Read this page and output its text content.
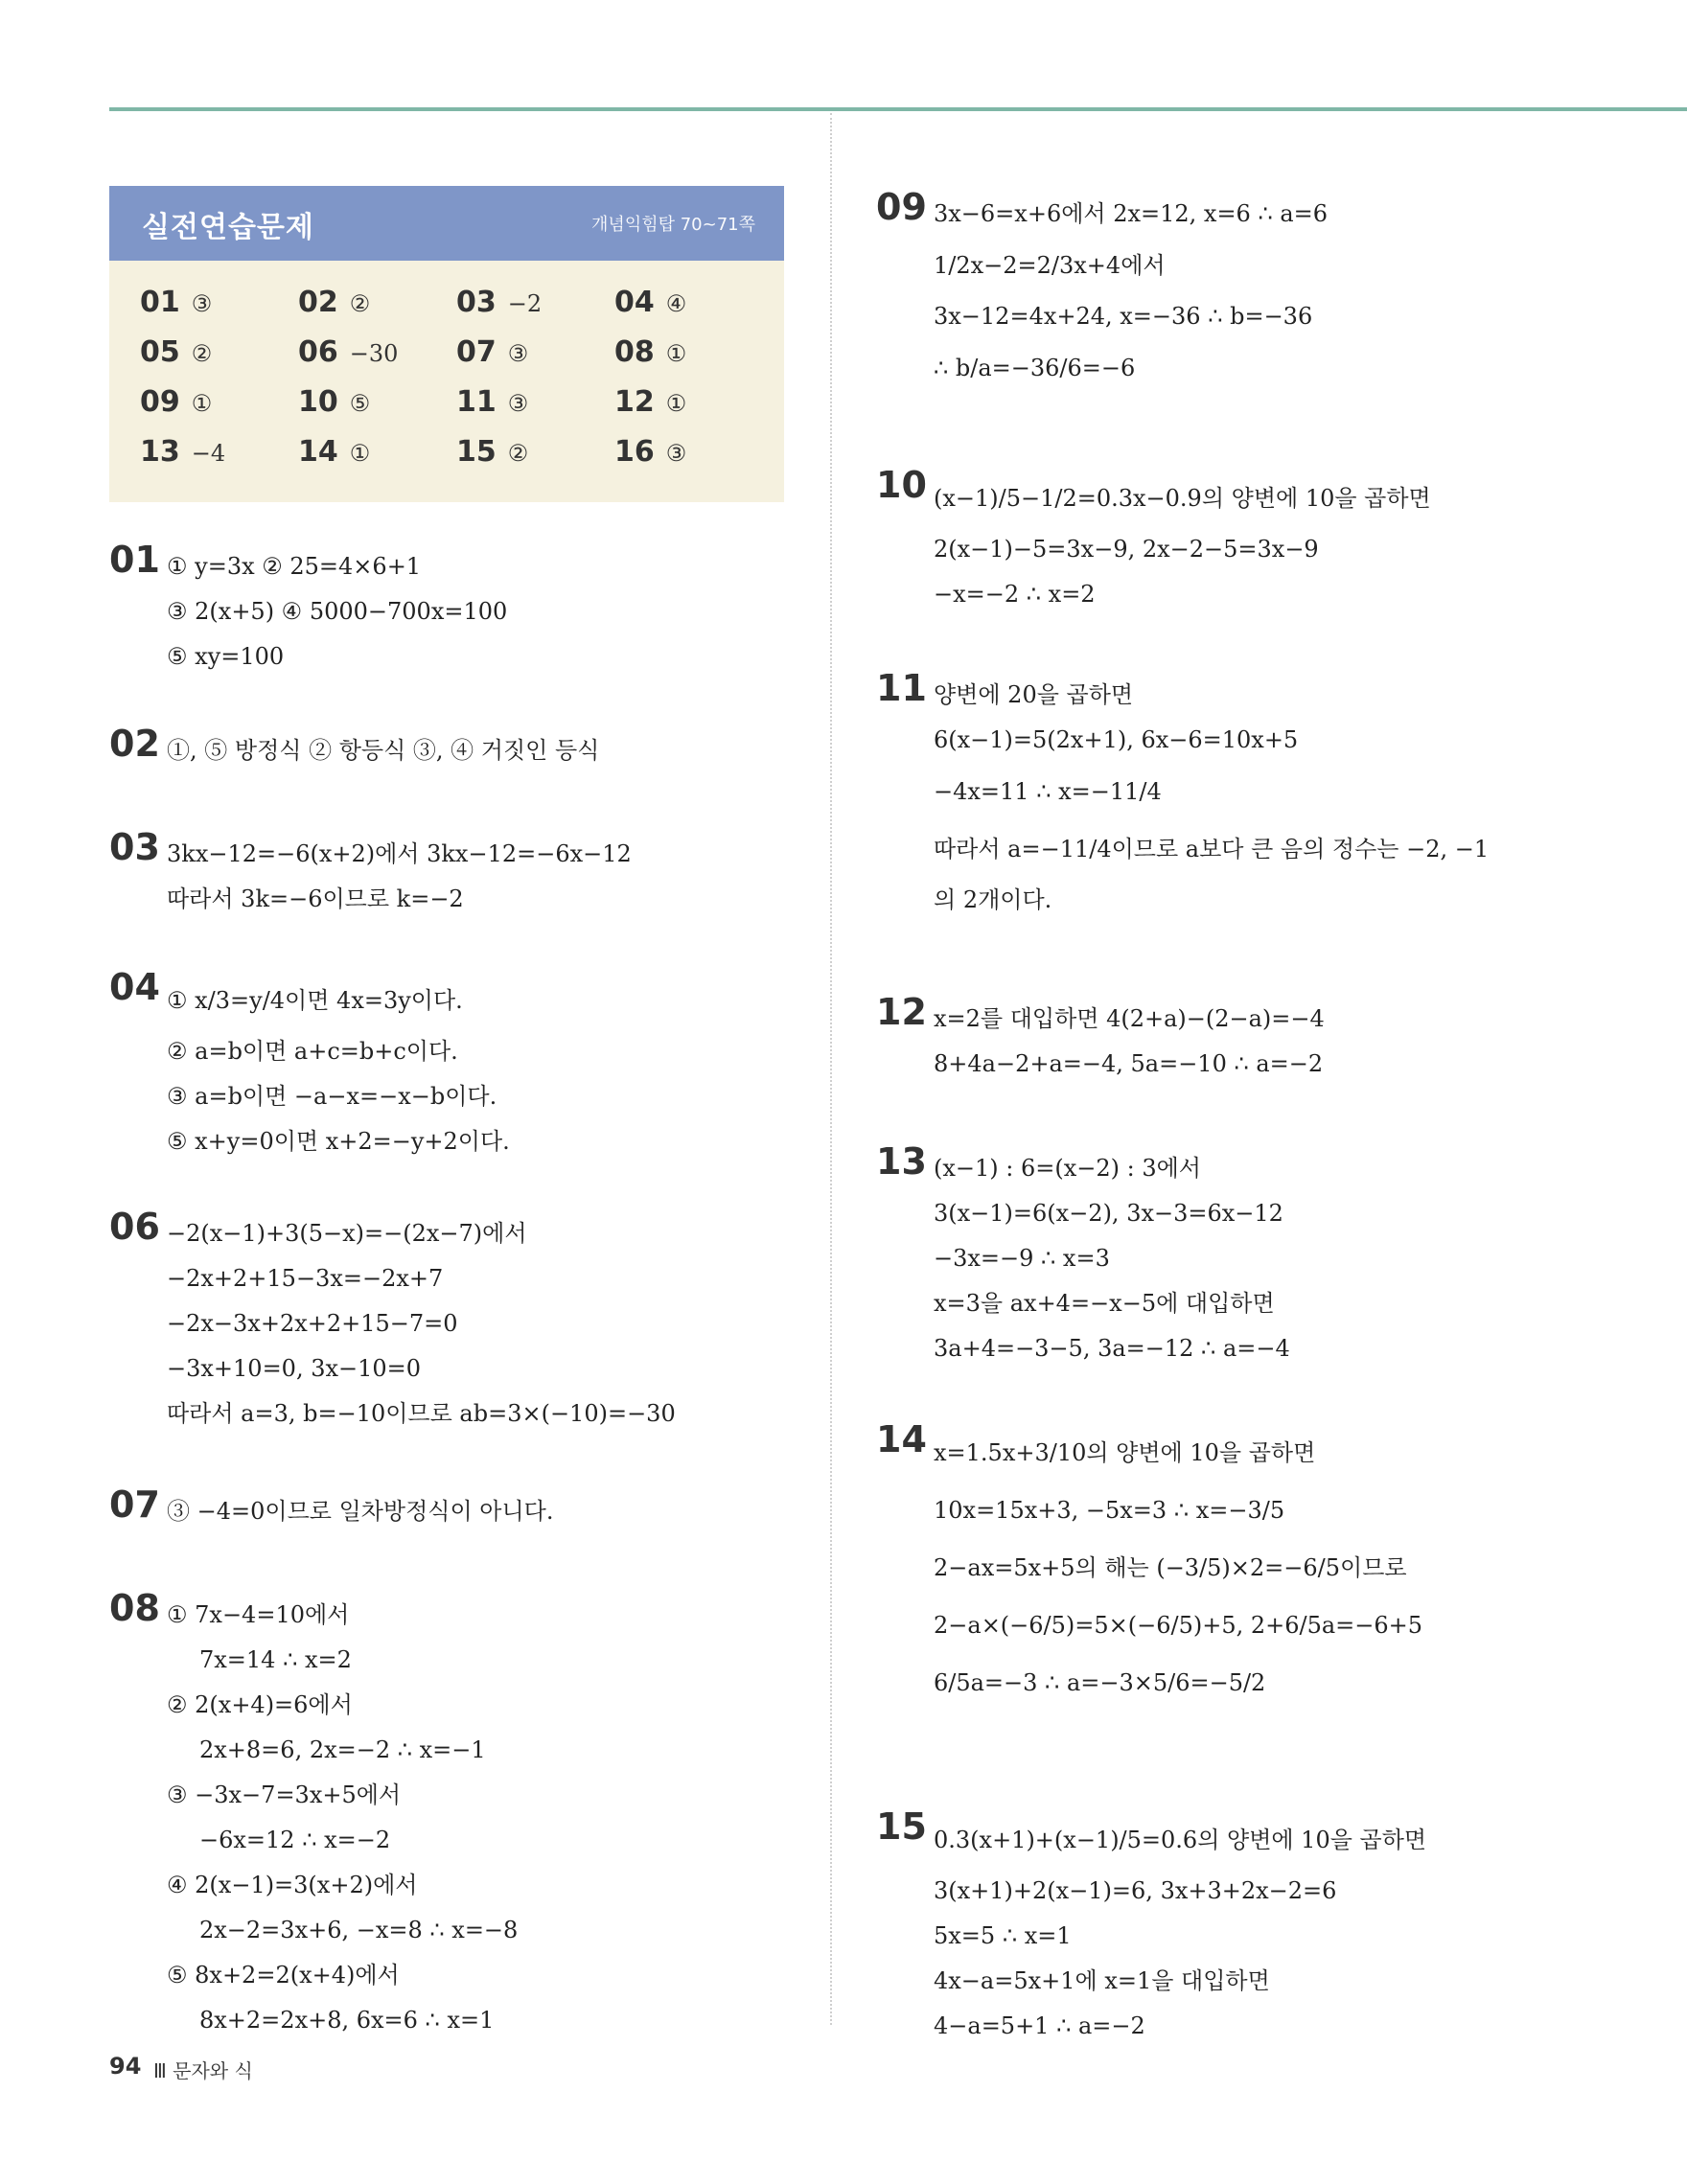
실전연습문제	개념익힘탑 70~71쪽
01 ③	02 ②	03 −2	04 ④
05 ②	06 −30 07 ③	08 ①
09 ①	10 ⑤	11 ③	12 ①
13 −4	14 ①	15 ②	16 ③
01 ① y=3x ② 25=4×6+1
③ 2(x+5) ④ 5000−700x=100
⑤ xy=100
02 ①, ⑤ 방정식 ② 항등식 ③, ④ 거짓인 등식
03 3kx−12=−6(x+2)에서 3kx−12=−6x−12
따라서 3k=−6이므로 k=−2
04 ① x/3=y/4이면 4x=3y이다.
② a=b이면 a+c=b+c이다.
③ a=b이면 −a−x=−x−b이다.
⑤ x+y=0이면 x+2=−y+2이다.
06 −2(x−1)+3(5−x)=−(2x−7)에서
−2x+2+15−3x=−2x+7
−2x−3x+2x+2+15−7=0
−3x+10=0, 3x−10=0
따라서 a=3, b=−10이므로 ab=3×(−10)=−30
07 ③ −4=0이므로 일차방정식이 아니다.
08 ① 7x−4=10에서
7x=14 ∴ x=2
② 2(x+4)=6에서
2x+8=6, 2x=−2 ∴ x=−1
③ −3x−7=3x+5에서
−6x=12 ∴ x=−2
④ 2(x−1)=3(x+2)에서
2x−2=3x+6, −x=8 ∴ x=−8
⑤ 8x+2=2(x+4)에서
8x+2=2x+8, 6x=6 ∴ x=1
09 3x−6=x+6에서 2x=12, x=6 ∴ a=6
1/2x−2=2/3x+4에서
3x−12=4x+24, x=−36 ∴ b=−36
∴ b/a=−36/6=−6
10 (x−1)/5−1/2=0.3x−0.9의 양변에 10을 곱하면
2(x−1)−5=3x−9, 2x−2−5=3x−9
−x=−2 ∴ x=2
11 양변에 20을 곱하면
6(x−1)=5(2x+1), 6x−6=10x+5
−4x=11 ∴ x=−11/4
따라서 a=−11/4이므로 a보다 큰 음의 정수는 −2, −1
의 2개이다.
12 x=2를 대입하면 4(2+a)−(2−a)=−4
8+4a−2+a=−4, 5a=−10 ∴ a=−2
13 (x−1) : 6=(x−2) : 3에서
3(x−1)=6(x−2), 3x−3=6x−12
−3x=−9 ∴ x=3
x=3을 ax+4=−x−5에 대입하면
3a+4=−3−5, 3a=−12 ∴ a=−4
14 x=1.5x+3/10의 양변에 10을 곱하면
10x=15x+3, −5x=3 ∴ x=−3/5
2−ax=5x+5의 해는 (−3/5)×2=−6/5이므로
2−a×(−6/5)=5×(−6/5)+5, 2+6/5a=−6+5
6/5a=−3 ∴ a=−3×5/6=−5/2
15 0.3(x+1)+(x−1)/5=0.6의 양변에 10을 곱하면
3(x+1)+2(x−1)=6, 3x+3+2x−2=6
5x=5 ∴ x=1
4x−a=5x+1에 x=1을 대입하면
4−a=5+1 ∴ a=−2
94 Ⅲ 문자와 식
